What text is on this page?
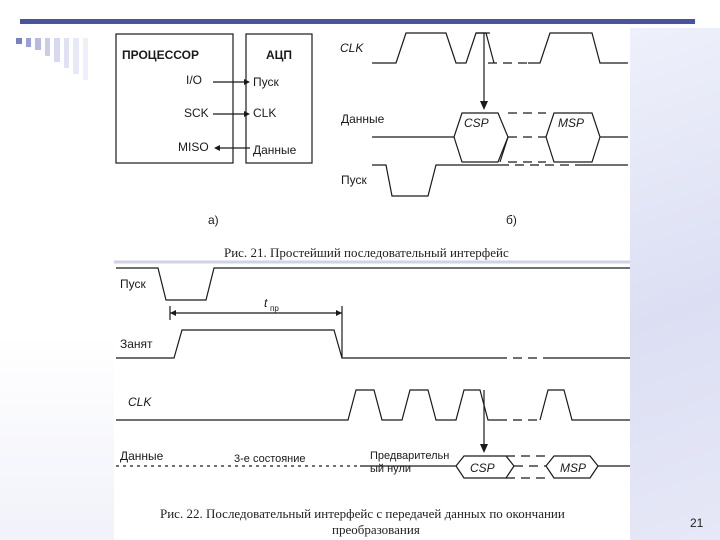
ПРОЦЕССОР
I/O
SCK
MISO
АЦП
Пуск
CLK
Данные
CLK
Данные
Пуск
CSP	MSP
а)	б)
Рис. 21. Простейший последовательный интерфейс
Пуск
t пр
Занят
CLK
Данные	3-е состояние	Предварительн
ый нули	CSP	MSP
Рис. 22. Последовательный интерфейс с передачей данных по окончании
преобразования	21
